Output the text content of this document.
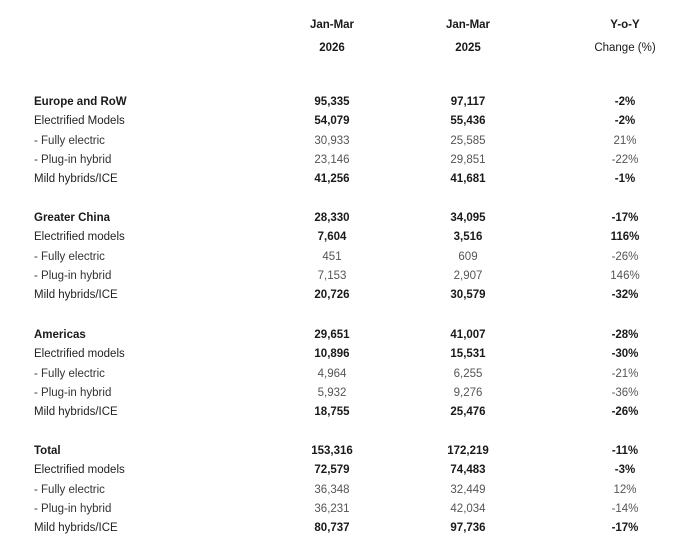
Jan-Mar
2026
Jan-Mar
2025
Y-o-Y
Change (%)
Europe and RoW	95,335	97,117	-2%
Electrified Models	54,079	55,436	-2%
- Fully electric	30,933	25,585	21%
- Plug-in hybrid	23,146	29,851	-22%
Mild hybrids/ICE	41,256	41,681	-1%
Greater China	28,330	34,095	-17%
Electrified models	7,604	3,516	116%
- Fully electric	451	609	-26%
- Plug-in hybrid	7,153	2,907	146%
Mild hybrids/ICE	20,726	30,579	-32%
Americas	29,651	41,007	-28%
Electrified models	10,896	15,531	-30%
- Fully electric	4,964	6,255	-21%
- Plug-in hybrid	5,932	9,276	-36%
Mild hybrids/ICE	18,755	25,476	-26%
Total	153,316	172,219	-11%
Electrified models	72,579	74,483	-3%
- Fully electric	36,348	32,449	12%
- Plug-in hybrid	36,231	42,034	-14%
Mild hybrids/ICE	80,737	97,736	-17%
